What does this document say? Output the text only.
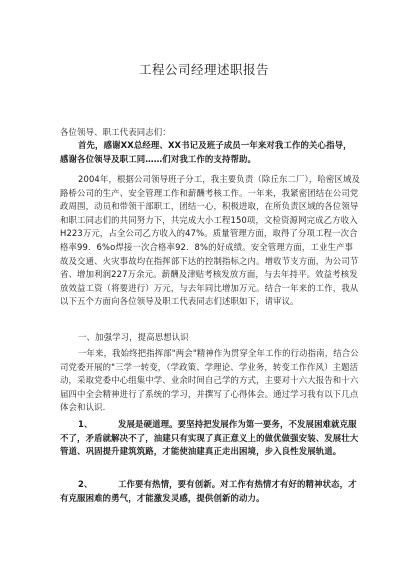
工程公司经理述职报告

各位领导、职工代表同志们：

首先，感谢XX总经理、XX书记及班子成员一年来对我工作的关心指导，感谢各位领导及职工同……们对我工作的支持帮助。

2004年，根据公司领导班子分工，我主要负责（除丘东二厂），哈密区域及路桥公司的生产、安全管理工作和薪酬考核工作。一年来，我紧密团结在公司党政周围，动员和带领干部职工，团结一心，积极进取，在所负责区域的各位领导和职工同志们的共同努力下，共完成大小工程150项，文检资源网完成乙方收入H223万元，占全公司乙方收入的47%。质量管理方面，取得了分项工程一次合格率99．6%o焊接一次合格率92．8%的好成绩。安全管理方面，工业生产事故及交通、火灾事故均在指挥部下达的控制指标之内。增收节支方面，为公司节省、增加利润227万余元。薪酬及津贴考核发放方面，与去年持平。效益考核发放效益工资（将要进行）万元，与去年同比增加万元。结合一年来的工作，我从以下五个方面向各位领导及职工代表同志们述职如下，请审议。

一、加强学习，提高思想认识

一年来，我始终把指挥部"两会"精神作为贯穿全年工作的行动指南，结合公司党委开展的"三学一转变，（学政策、学理论、学业务，转变工作作风）主题活动，采取党委中心组集中学、业余时间自己学的方式，主要对十六大报告和十六届四中全会精神进行了系统的学习，并撰写了心得体会。通过学习我有以下几点体会和认识．

1、	发展是硬道理。要坚持把发展作为第一要务，不发展困难就克服不了，矛盾就解决不了，油建只有实现了真正意义上的做优做强安装、发展壮大管道、巩固提升建筑筑路，才能使油建真正走出困境，步入良性发展轨道。

2、	工作要有热情，要有创新。对工作有热情才有好的精神状态，才有克服困难的勇气，才能激发灵感，提供创新的动力。
